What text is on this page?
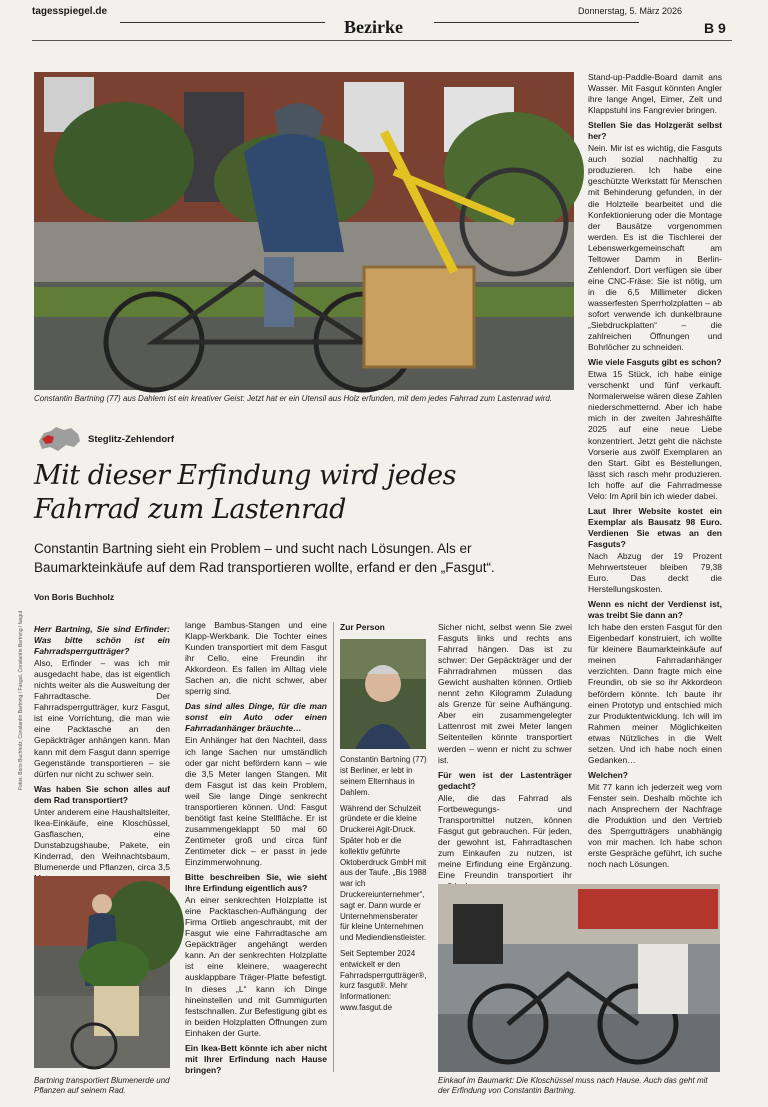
tagesspiegel.de
Bezirke
Donnerstag, 5. März 2026
B 9
Constantin Bartning (77) aus Dahlem ist ein kreativer Geist: Jetzt hat er ein Utensil aus Holz erfunden, mit dem jedes Fahrrad zum Lastenrad wird.
Steglitz-Zehlendorf
Mit dieser Erfindung wird jedes Fahrrad zum Lastenrad
Constantin Bartning sieht ein Problem – und sucht nach Lösungen. Als er Baumarkteinkäufe auf dem Rad transportieren wollte, erfand er den „Fasgut“.
Von Boris Buchholz

Herr Bartning, Sie sind Erfinder: Was bitte schön ist ein Fahrradsperrgutträger?

Also, Erfinder – was ich mir ausgedacht habe, das ist eigentlich nichts weiter als die Ausweitung der Fahrradtasche. Der Fahrradsperrgutträger, kurz Fasgut, ist eine Vorrichtung, die man wie eine Packtasche an den Gepäckträger anhängen kann. Man kann mit dem Fasgut dann sperrige Gegenstände transportieren – sie dürfen nur nicht zu schwer sein.

Was haben Sie schon alles auf dem Rad transportiert?

Unter anderem eine Haushaltsleiter, Ikea-Einkäufe, eine Kloschüssel, Gasflaschen, eine Dunstabzugshaube, Pakete, ein Kinderrad, den Weihnachtsbaum, Blumenerde und Pflanzen, circa 3,5

Bartning transportiert Blumenerde und Pflanzen auf seinem Rad.

lange Bambus-Stangen und eine Klapp-Werkbank. Die Tochter eines Kunden transportiert mit dem Fasgut ihr Cello, eine Freundin ihr Akkordeon. Es fallen im Alltag viele Sachen an, die nicht schwer, aber sperrig sind.

Das sind alles Dinge, für die man sonst ein Auto oder einen Fahrradanhänger bräuchte…

Ein Anhänger hat den Nachteil, dass ich lange Sachen nur umständlich oder gar nicht befördern kann – wie die 3,5 Meter langen Stangen. Mit dem Fasgut ist das kein Problem, weil Sie lange Dinge senkrecht transportieren können. Und: Fasgut benötigt fast keine Stellfläche. Er ist zusammengeklappt 50 mal 60 Zentimeter groß und circa fünf Zentimeter dick – er passt in jede Einzimmerwohnung.

Bitte beschreiben Sie, wie sieht Ihre Erfindung eigentlich aus?

An einer senkrechten Holzplatte ist eine Packtaschen-Aufhängung der Firma Ortlieb angeschraubt, mit der Fasgut wie eine Fahrradtasche am Gepäckträger angehängt werden kann. An der senkrechten Holzplatte ist eine kleinere, waagerecht ausklappbare Träger-Platte befestigt. In dieses „L“ kann ich Dinge hineinstellen und mit Gummigurten festschnallen. Zur Befestigung gibt es in beiden Holzplatten Öffnungen zum Einhaken der Gurte.

Ein Ikea-Bett könnte ich aber nicht mit Ihrer Erfindung nach Hause bringen?

Zur Person

Constantin Bartning (77) ist Berliner, er lebt in seinem Elternhaus in Dahlem.

Während der Schulzeit gründete er die kleine Druckerei Agit-Druck. Später hob er die kollektiv geführte Oktoberdruck GmbH mit aus der Taufe. „Bis 1988 war ich Druckereiunternehmer“, sagt er. Dann wurde er Unternehmensberater für kleine Unternehmen und Mediendienstleister.

Seit September 2024 entwickelt er den Fahrradsperrgutträger®, kurz fasgut®. Mehr Informationen: www.fasgut.de

Sicher nicht, selbst wenn Sie zwei Fasguts links und rechts ans Fahrrad hängen. Das ist zu schwer: Der Gepäckträger und der Fahrradrahmen müssen das Gewicht aushalten können. Ortlieb nennt zehn Kilogramm Zuladung als Grenze für seine Aufhängung. Aber ein zusammengelegter Lattenrost mit zwei Meter langen Seitenteilen könnte transportiert werden – wenn er nicht zu schwer ist.

Für wen ist der Lastenträger gedacht?

Alle, die das Fahrrad als Fortbewegungs- und Transportmittel nutzen, können Fasgut gut gebrauchen. Für jeden, der gewohnt ist, Fahrradtaschen zum Einkaufen zu nutzen, ist meine Erfindung eine Ergänzung. Eine Freundin transportiert ihr

Einkauf im Baumarkt: Die Kloschüssel muss nach Hause. Auch das geht mit der Erfindung von Constantin Bartning.

Stand-up-Paddle-Board damit ans Wasser. Mit Fasgut könnten Angler ihre lange Angel, Eimer, Zelt und Klappstuhl ins Fangrevier bringen.

Stellen Sie das Holzgerät selbst her?

Nein. Mir ist es wichtig, die Fasguts auch sozial nachhaltig zu produzieren. Ich habe eine geschützte Werkstatt für Menschen mit Behinderung gefunden, in der die Holzteile bearbeitet und die Konfektionierung oder die Montage der Bausätze vorgenommen werden. Es ist die Tischlerei der Lebenswerkgemeinschaft am Teltower Damm in Berlin-Zehlendorf. Dort verfügen sie über eine CNC-Fräse: Sie ist nötig, um in die 6,5 Millimeter dicken wasserfesten Sperrholzplatten – ab sofort verwende ich dunkelbraune „Siebdruckplatten“ – die zahlreichen Öffnungen und Bohrlöcher zu schneiden.

Wie viele Fasguts gibt es schon?

Etwa 15 Stück, ich habe einige verschenkt und fünf verkauft. Normalerweise wären diese Zahlen niederschmetternd. Aber ich habe mich in der zweiten Jahreshälfte 2025 auf eine neue Liebe konzentriert. Jetzt geht die nächste Vorserie aus zwölf Exemplaren an den Start. Gibt es Bestellungen, lässt sich rasch mehr produzieren. Ich hoffe auf die Fahrradmesse Velo: Im April bin ich wieder dabei.

Laut Ihrer Website kostet ein Exemplar als Bausatz 98 Euro. Verdienen Sie etwas an den Fasguts?

Nach Abzug der 19 Prozent Mehrwertsteuer bleiben 79,38 Euro. Das deckt die Herstellungskosten.

Wenn es nicht der Verdienst ist, was treibt Sie dann an?

Ich habe den ersten Fasgut für den Eigenbedarf konstruiert, ich wollte für kleinere Baumarkteinkäufe auf meinen Fahrradanhänger verzichten. Dann fragte mich eine Freundin, ob sie so ihr Akkordeon befördern könnte. Ich baute ihr einen Prototyp und entschied mich zur Produktentwicklung. Ich will im Rahmen meiner Möglichkeiten etwas Nützliches in die Welt setzen. Und ich habe noch einen Gedanken…

Welchen?

Mit 77 kann ich jederzeit weg vom Fenster sein. Deshalb möchte ich nach Ansprechern der Nachfrage die Produktion und den Vertrieb des Sperrgutträgers unabhängig von mir machen. Ich habe schon erste Gespräche geführt, ich suche noch nach Lösungen.

Fotos: Boris Buchholz, Constantin Bartning / Fasgut, Constantin Bartning / fasgut
